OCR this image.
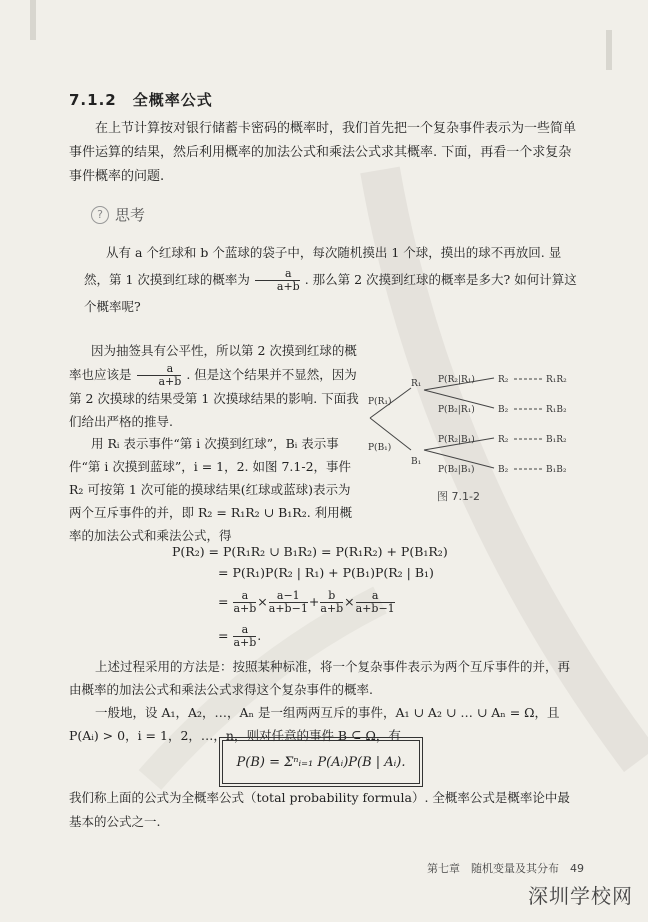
7.1.2　全概率公式
在上节计算按对银行储蓄卡密码的概率时，我们首先把一个复杂事件表示为一些简单事件运算的结果，然后利用概率的加法公式和乘法公式求其概率. 下面，再看一个求复杂事件概率的问题.
? 思考
从有 a 个红球和 b 个蓝球的袋子中，每次随机摸出 1 个球，摸出的球不再放回. 显然，第 1 次摸到红球的概率为 $\frac{a}{a+b}$ . 那么第 2 次摸到红球的概率是多大? 如何计算这个概率呢?
因为抽签具有公平性，所以第 2 次摸到红球的概率也应该是 $\frac{a}{a+b}$ . 但是这个结果并不显然，因为第 2 次摸球的结果受第 1 次摸球结果的影响. 下面我们给出严格的推导.
用 Rᵢ 表示事件“第 i 次摸到红球”，Bᵢ 表示事件“第 i 次摸到蓝球”，i = 1，2. 如图 7.1-2，事件 R₂ 可按第 1 次可能的摸球结果(红球或蓝球)表示为两个互斥事件的并，即 R₂ = R₁R₂ ∪ B₁R₂. 利用概率的加法公式和乘法公式，得
P(R₁)
P(B₁)
R₁
B₁
P(R₂|R₁)
P(B₂|R₁)
P(R₂|B₁)
P(B₂|B₁)
R₂
B₂
R₂
B₂
R₁R₂
R₁B₂
B₁R₂
B₁B₂
图 7.1-2
P(R₂) = P(R₁R₂ ∪ B₁R₂) = P(R₁R₂) + P(B₁R₂)
= P(R₁)P(R₂ | R₁) + P(B₁)P(R₂ | B₁)
= $\frac{a}{a+b} \times \frac{a-1}{a+b-1} + \frac{b}{a+b} \times \frac{a}{a+b-1}$
= $\frac{a}{a+b}$ .
上述过程采用的方法是：按照某种标准，将一个复杂事件表示为两个互斥事件的并，再由概率的加法公式和乘法公式求得这个复杂事件的概率.
一般地，设 A₁，A₂，…，Aₙ 是一组两两互斥的事件，A₁ ∪ A₂ ∪ … ∪ Aₙ = Ω，且 P(Aᵢ) > 0，i = 1，2，…，n，则对任意的事件 B ⊆ Ω，有
P(B) = Σⁿᵢ₌₁ P(Aᵢ)P(B | Aᵢ).
我们称上面的公式为全概率公式（total probability formula）. 全概率公式是概率论中最基本的公式之一.
第七章　随机变量及其分布　49
深圳学校网
